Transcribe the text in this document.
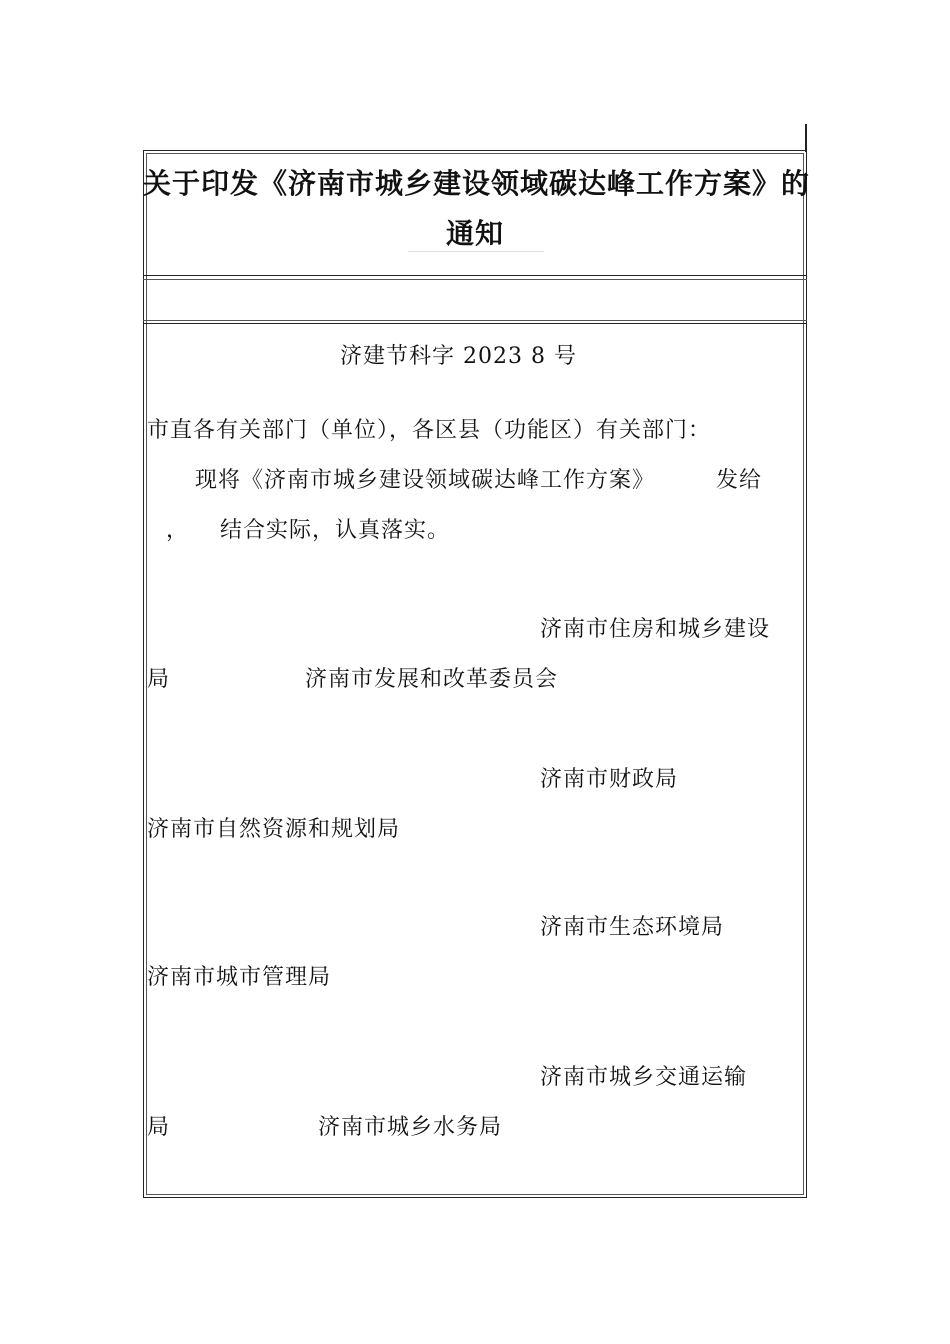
关于印发《济南市城乡建设领域碳达峰工作方案》的
通知
济建节科字 2023 8 号
市直各有关部门（单位），各区县（功能区）有关部门：
现将《济南市城乡建设领域碳达峰工作方案》	发给
， 结合实际，认真落实。
济南市住房和城乡建设
局	济南市发展和改革委员会
济南市财政局
济南市自然资源和规划局
济南市生态环境局
济南市城市管理局
济南市城乡交通运输
局	济南市城乡水务局
